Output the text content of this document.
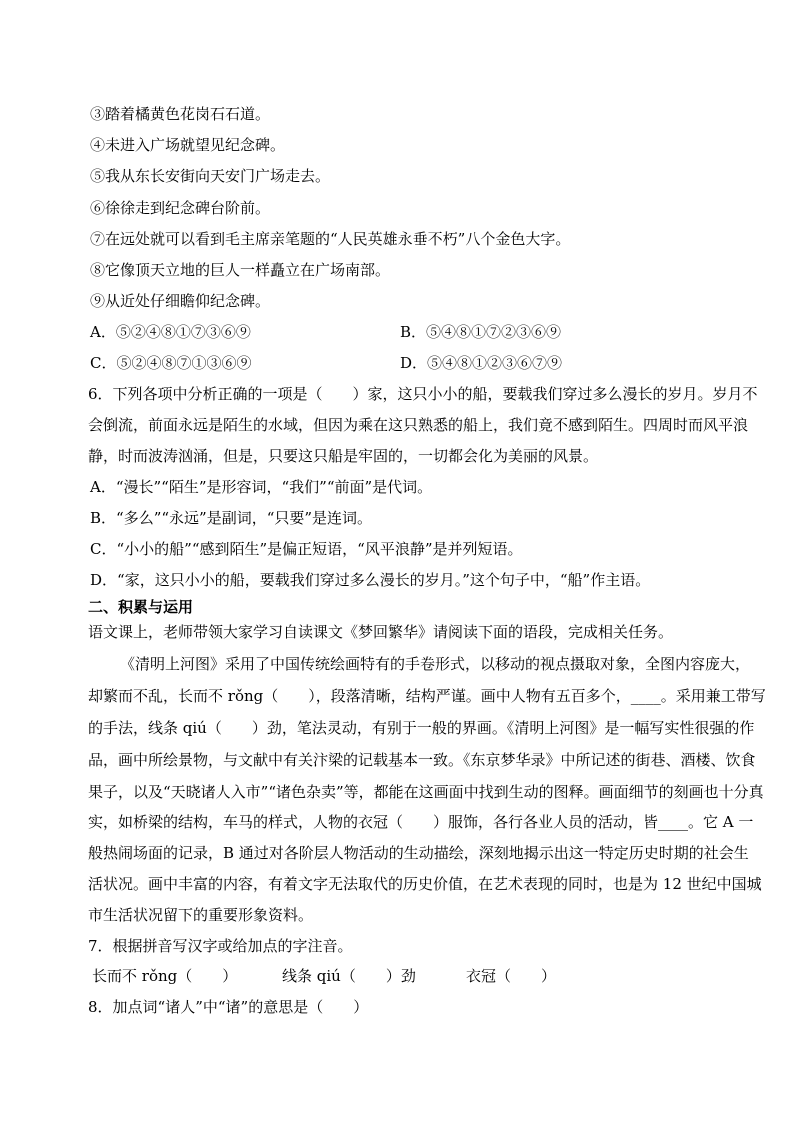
③踏着橘黄色花岗石石道。
④未进入广场就望见纪念碑。
⑤我从东长安街向天安门广场走去。
⑥徐徐走到纪念碑台阶前。
⑦在远处就可以看到毛主席亲笔题的“人民英雄永垂不朽”八个金色大字。
⑧它像顶天立地的巨人一样矗立在广场南部。
⑨从近处仔细瞻仰纪念碑。
A．⑤②④⑧①⑦③⑥⑨	B．⑤④⑧①⑦②③⑥⑨
C．⑤②④⑧⑦①③⑥⑨	D．⑤④⑧①②③⑥⑦⑨
6．下列各项中分析正确的一项是（　　）家，这只小小的船，要载我们穿过多么漫长的岁月。岁月不
会倒流，前面永远是陌生的水域，但因为乘在这只熟悉的船上，我们竟不感到陌生。四周时而风平浪
静，时而波涛汹涌，但是，只要这只船是牢固的，一切都会化为美丽的风景。
A．“漫长”“陌生”是形容词，“我们”“前面”是代词。
B．“多么”“永远”是副词，“只要”是连词。
C．“小小的船”“感到陌生”是偏正短语，“风平浪静”是并列短语。
D．“家，这只小小的船，要载我们穿过多么漫长的岁月。”这个句子中，“船”作主语。
二、积累与运用
语文课上，老师带领大家学习自读课文《梦回繁华》请阅读下面的语段，完成相关任务。
《清明上河图》采用了中国传统绘画特有的手卷形式，以移动的视点摄取对象，全图内容庞大，
却繁而不乱，长而不 rǒng（　　），段落清晰，结构严谨。画中人物有五百多个，____。采用兼工带写
的手法，线条 qiú（　　）劲，笔法灵动，有别于一般的界画。《清明上河图》是一幅写实性很强的作
品，画中所绘景物，与文献中有关汴梁的记载基本一致。《东京梦华录》中所记述的街巷、酒楼、饮食
果子，以及“天晓诸人入市”“诸色杂卖”等，都能在这画面中找到生动的图释。画面细节的刻画也十分真
实，如桥梁的结构，车马的样式，人物的衣冠（　　）服饰，各行各业人员的活动，皆____。它 A 一
般热闹场面的记录，B 通过对各阶层人物活动的生动描绘，深刻地揭示出这一特定历史时期的社会生
活状况。画中丰富的内容，有着文字无法取代的历史价值，在艺术表现的同时，也是为 12 世纪中国城
市生活状况留下的重要形象资料。
7．根据拼音写汉字或给加点的字注音。
长而不 rǒng（　　）	线条 qiú（　　）劲	衣冠（　　）
8．加点词“诸人”中“诸”的意思是（　　）
